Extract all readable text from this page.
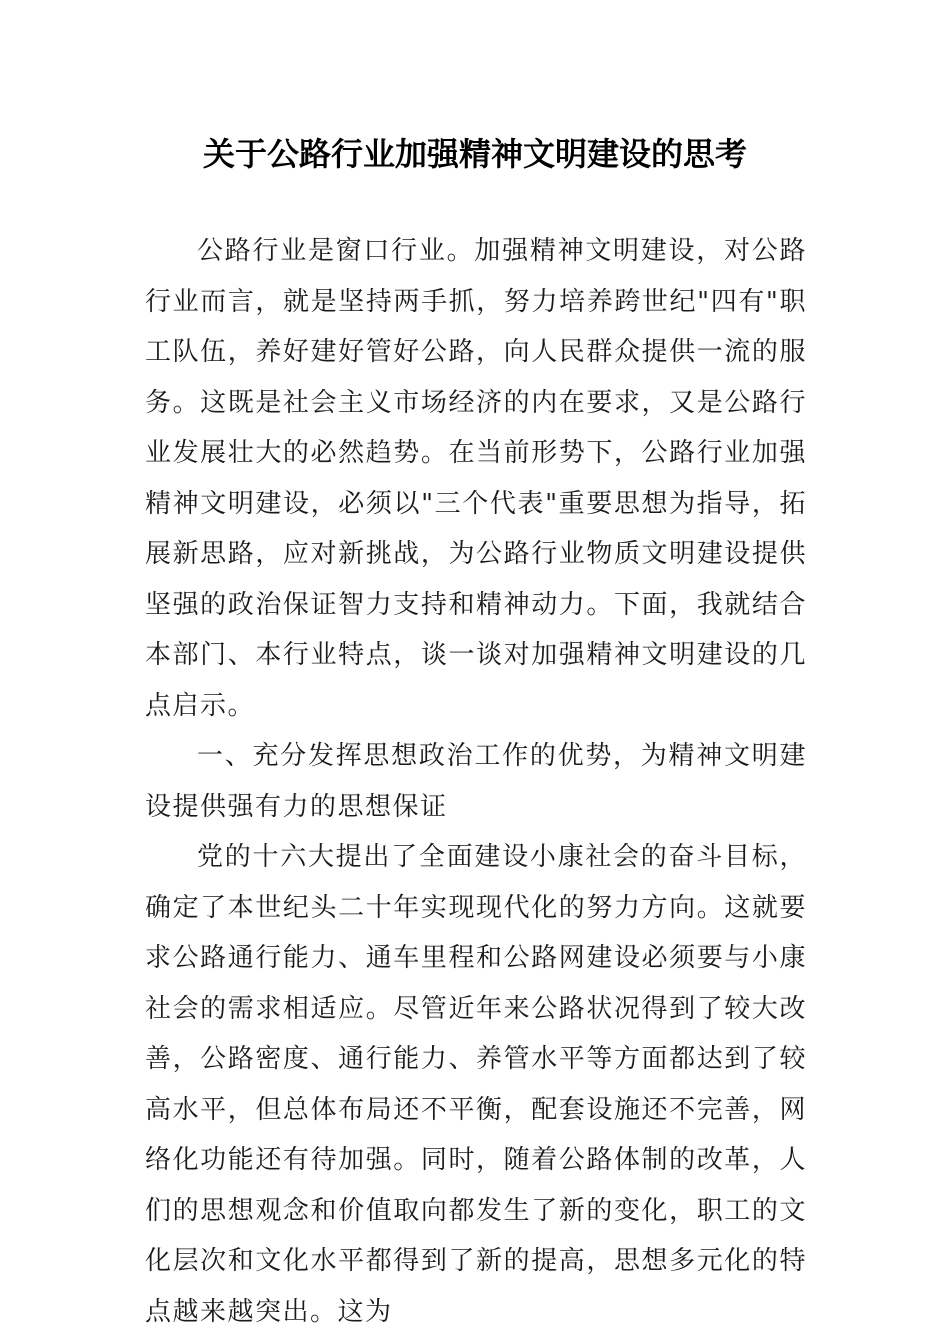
关于公路行业加强精神文明建设的思考

公路行业是窗口行业。加强精神文明建设，对公路行业而言，就是坚持两手抓，努力培养跨世纪"四有"职工队伍，养好建好管好公路，向人民群众提供一流的服务。这既是社会主义市场经济的内在要求，又是公路行业发展壮大的必然趋势。在当前形势下，公路行业加强精神文明建设，必须以"三个代表"重要思想为指导，拓展新思路，应对新挑战，为公路行业物质文明建设提供坚强的政治保证智力支持和精神动力。下面，我就结合本部门、本行业特点，谈一谈对加强精神文明建设的几点启示。

一、充分发挥思想政治工作的优势，为精神文明建设提供强有力的思想保证

党的十六大提出了全面建设小康社会的奋斗目标，确定了本世纪头二十年实现现代化的努力方向。这就要求公路通行能力、通车里程和公路网建设必须要与小康社会的需求相适应。尽管近年来公路状况得到了较大改善，公路密度、通行能力、养管水平等方面都达到了较高水平，但总体布局还不平衡，配套设施还不完善，网络化功能还有待加强。同时，随着公路体制的改革，人们的思想观念和价值取向都发生了新的变化，职工的文化层次和文化水平都得到了新的提高，思想多元化的特点越来越突出。这为
